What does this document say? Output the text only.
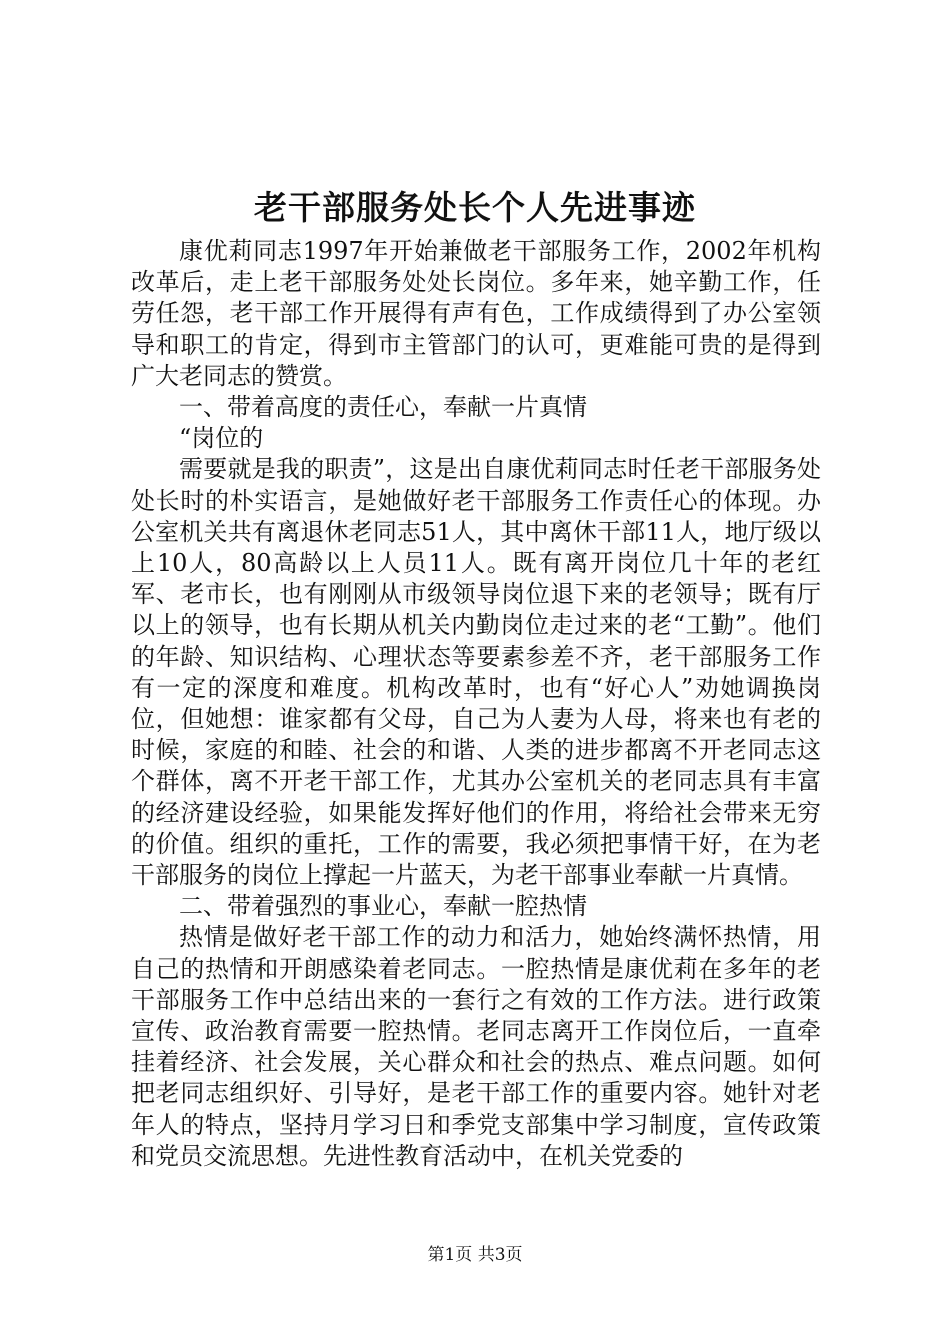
老干部服务处长个人先进事迹

康优莉同志1997年开始兼做老干部服务工作，2002年机构改革后，走上老干部服务处处长岗位。多年来，她辛勤工作，任劳任怨，老干部工作开展得有声有色，工作成绩得到了办公室领导和职工的肯定，得到市主管部门的认可，更难能可贵的是得到广大老同志的赞赏。

一、带着高度的责任心，奉献一片真情

“岗位的

需要就是我的职责”，这是出自康优莉同志时任老干部服务处处长时的朴实语言，是她做好老干部服务工作责任心的体现。办公室机关共有离退休老同志51人，其中离休干部11人，地厅级以上10人，80高龄以上人员11人。既有离开岗位几十年的老红军、老市长，也有刚刚从市级领导岗位退下来的老领导；既有厅以上的领导，也有长期从机关内勤岗位走过来的老“工勤”。他们的年龄、知识结构、心理状态等要素参差不齐，老干部服务工作有一定的深度和难度。机构改革时，也有“好心人”劝她调换岗位，但她想：谁家都有父母，自己为人妻为人母，将来也有老的时候，家庭的和睦、社会的和谐、人类的进步都离不开老同志这个群体，离不开老干部工作，尤其办公室机关的老同志具有丰富的经济建设经验，如果能发挥好他们的作用，将给社会带来无穷的价值。组织的重托，工作的需要，我必须把事情干好，在为老干部服务的岗位上撑起一片蓝天，为老干部事业奉献一片真情。

二、带着强烈的事业心，奉献一腔热情

热情是做好老干部工作的动力和活力，她始终满怀热情，用自己的热情和开朗感染着老同志。一腔热情是康优莉在多年的老干部服务工作中总结出来的一套行之有效的工作方法。进行政策宣传、政治教育需要一腔热情。老同志离开工作岗位后，一直牵挂着经济、社会发展，关心群众和社会的热点、难点问题。如何把老同志组织好、引导好，是老干部工作的重要内容。她针对老年人的特点，坚持月学习日和季党支部集中学习制度，宣传政策和党员交流思想。先进性教育活动中，在机关党委的

第1页 共3页
